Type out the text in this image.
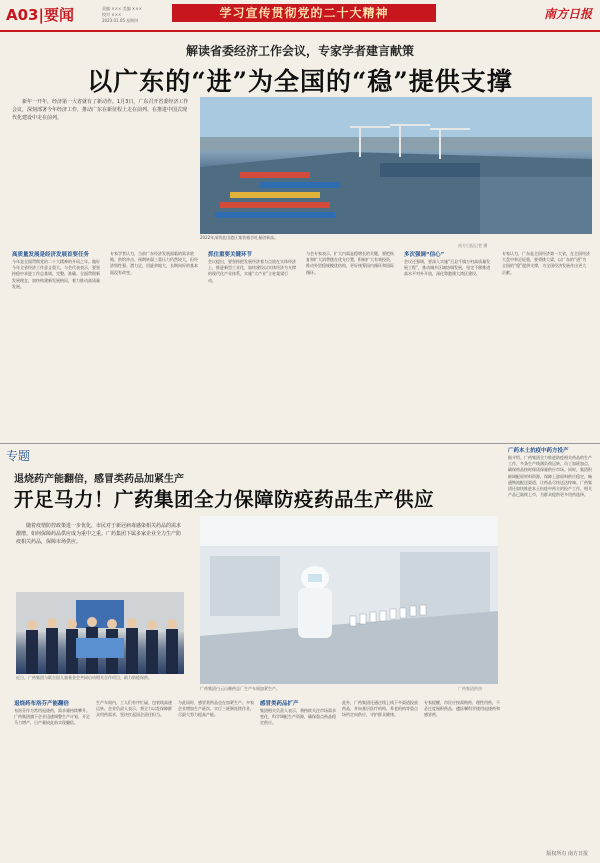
A03|要闻	责编 ××× 美编 ×××
校对 ×××
2023.01.05 星期四
学习宣传贯彻党的二十大精神	南方日报
解读省委经济工作会议，专家学者建言献策
以广东的“进”为全国的“稳”提供支撑
新年一开年，经济第一大省就有了新动作。1月3日，广东召开省委经济工作会议，深刻部署今年经济工作，推动广东在新征程上走在前列、在推进中国式现代化建设中走在前列。
2022年深圳盐田港区集装箱吞吐量创新高。
南方日报记者 摄
高质量发展是经济发展首要任务
今年是全面贯彻党的二十大精神的开局之年。做好今年全省经济工作意义重大。与会代表表示，要坚持稳中求进工作总基调，完整、准确、全面贯彻新发展理念，加快构建新发展格局，着力推动高质量发展。
专家学者认为，当前广东经济发展面临的需求收缩、供给冲击、预期转弱三重压力仍然较大，但经济韧性强、潜力足、回旋余地大，长期向好的基本面没有改变。
抓住重要关键环节
会议提出，要坚持把发展经济着力点放在实体经济上，推进新型工业化，加快建设以实体经济为支撑的现代化产业体系，实施“大产业”立柱架梁行动。
与会专家表示，扩大内需是稳增长的关键，要把恢复和扩大消费摆在优先位置，积极扩大有效投资，推动外贸稳规模优结构，更好统筹国内循环和国际循环。
多次强调“信心”
会议还强调，要深入实施“百县千镇万村高质量发展工程”，推动城乡区域协调发展，坚定不移推进高水平对外开放，深化粤港澳大湾区建设。
专家认为，广东是全国经济第一大省，在全国经济大盘中举足轻重，要勇挑大梁，以广东的“进”为全国的“稳”提供支撑，为全国经济发展作出更大贡献。
专题
退烧药产能翻倍，感冒类药品加紧生产
开足马力！广药集团全力保障防疫药品生产供应
随着疫情防控政策进一步优化，市民对于新冠病毒感染相关药品的需求激增。如何保障药品供应成为重中之重。广药集团下属多家企业全力生产防疫相关药品，保障市场供应。
近日，广药集团与联合国儿童基金会共同启动相关合作项目，助力防疫保供。
广药集团白云山制药总厂生产车间加紧生产。	广药集团供图
广药本土抗疫中药方投产
据介绍，广药集团全力推进防疫相关药品的生产工作，多条生产线满负荷运转，员工加班加点，确保药品按时保质保量供应市场。同时，集团积极调配原材料资源，保障上游原料供应稳定，畅通物流配送渠道，让药品尽快送达终端。广药集团还加快推进本土抗疫中药方的投产工作，相关产品已陆续上市，为群众提供更多用药选择。
退烧药布洛芬产能翻倍
布洛芬作为常用退烧药，需求量持续攀升。广药集团旗下企业迅速调整生产计划，开足马力增产，日产量较此前实现翻倍。
生产车间内，工人们有序忙碌，包装线高速运转。企业负责人表示，将全力以赴保障群众用药需求，坚决扛起国企责任担当。
与此同时，感冒类药品也在加紧生产。多家企业增加生产班次，实行三班倒连续作业，尽最大努力提高产能。
感冒类药品扩产
集团相关负责人表示，将持续关注市场需求变化，科学调配生产资源，确保重点药品稳定供应。
此外，广药集团还通过线上线下多渠道投放药品，并向基层医疗机构、养老机构等重点场所定向供应，守护群众健康。
专家提醒，市民应按需购药、理性用药，不必过度囤积药品，遵医嘱科学使用退烧药和感冒药。
版权所有 南方日报
